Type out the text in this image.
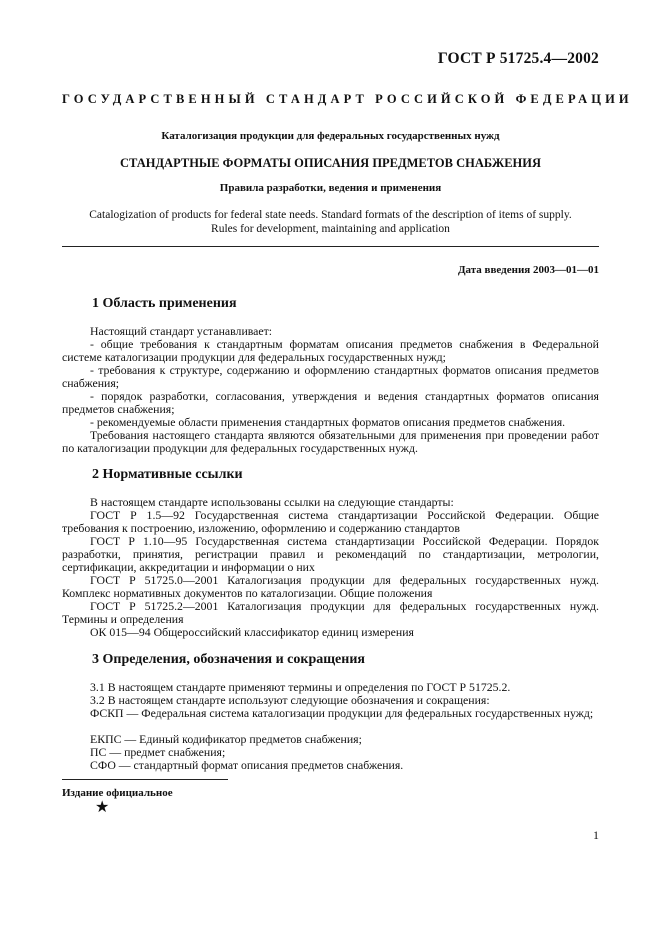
ГОСТ Р 51725.4—2002
ГОСУДАРСТВЕННЫЙ СТАНДАРТ РОССИЙСКОЙ ФЕДЕРАЦИИ
Каталогизация продукции для федеральных государственных нужд
СТАНДАРТНЫЕ ФОРМАТЫ ОПИСАНИЯ ПРЕДМЕТОВ СНАБЖЕНИЯ
Правила разработки, ведения и применения
Catalogization of products for federal state needs. Standard formats of the description of items of supply.
Rules for development, maintaining and application
Дата введения 2003—01—01
1 Область применения

Настоящий стандарт устанавливает:

- общие требования к стандартным форматам описания предметов снабжения в Федеральной системе каталогизации продукции для федеральных государственных нужд;

- требования к структуре, содержанию и оформлению стандартных форматов описания предметов снабжения;

- порядок разработки, согласования, утверждения и ведения стандартных форматов описания предметов снабжения;

- рекомендуемые области применения стандартных форматов описания предметов снабжения.

Требования настоящего стандарта являются обязательными для применения при проведении работ по каталогизации продукции для федеральных государственных нужд.

2 Нормативные ссылки

В настоящем стандарте использованы ссылки на следующие стандарты:

ГОСТ Р 1.5—92 Государственная система стандартизации Российской Федерации. Общие требования к построению, изложению, оформлению и содержанию стандартов

ГОСТ Р 1.10—95 Государственная система стандартизации Российской Федерации. Порядок разработки, принятия, регистрации правил и рекомендаций по стандартизации, метрологии, сертификации, аккредитации и информации о них

ГОСТ Р 51725.0—2001 Каталогизация продукции для федеральных государственных нужд. Комплекс нормативных документов по каталогизации. Общие положения

ГОСТ Р 51725.2—2001 Каталогизация продукции для федеральных государственных нужд. Термины и определения

ОК 015—94 Общероссийский классификатор единиц измерения

3 Определения, обозначения и сокращения

3.1 В настоящем стандарте применяют термины и определения по ГОСТ Р 51725.2.

3.2 В настоящем стандарте используют следующие обозначения и сокращения:

ФСКП — Федеральная система каталогизации продукции для федеральных государственных нужд;

ЕКПС — Единый кодификатор предметов снабжения;

ПС — предмет снабжения;

СФО — стандартный формат описания предметов снабжения.

Издание официальное
★
1
